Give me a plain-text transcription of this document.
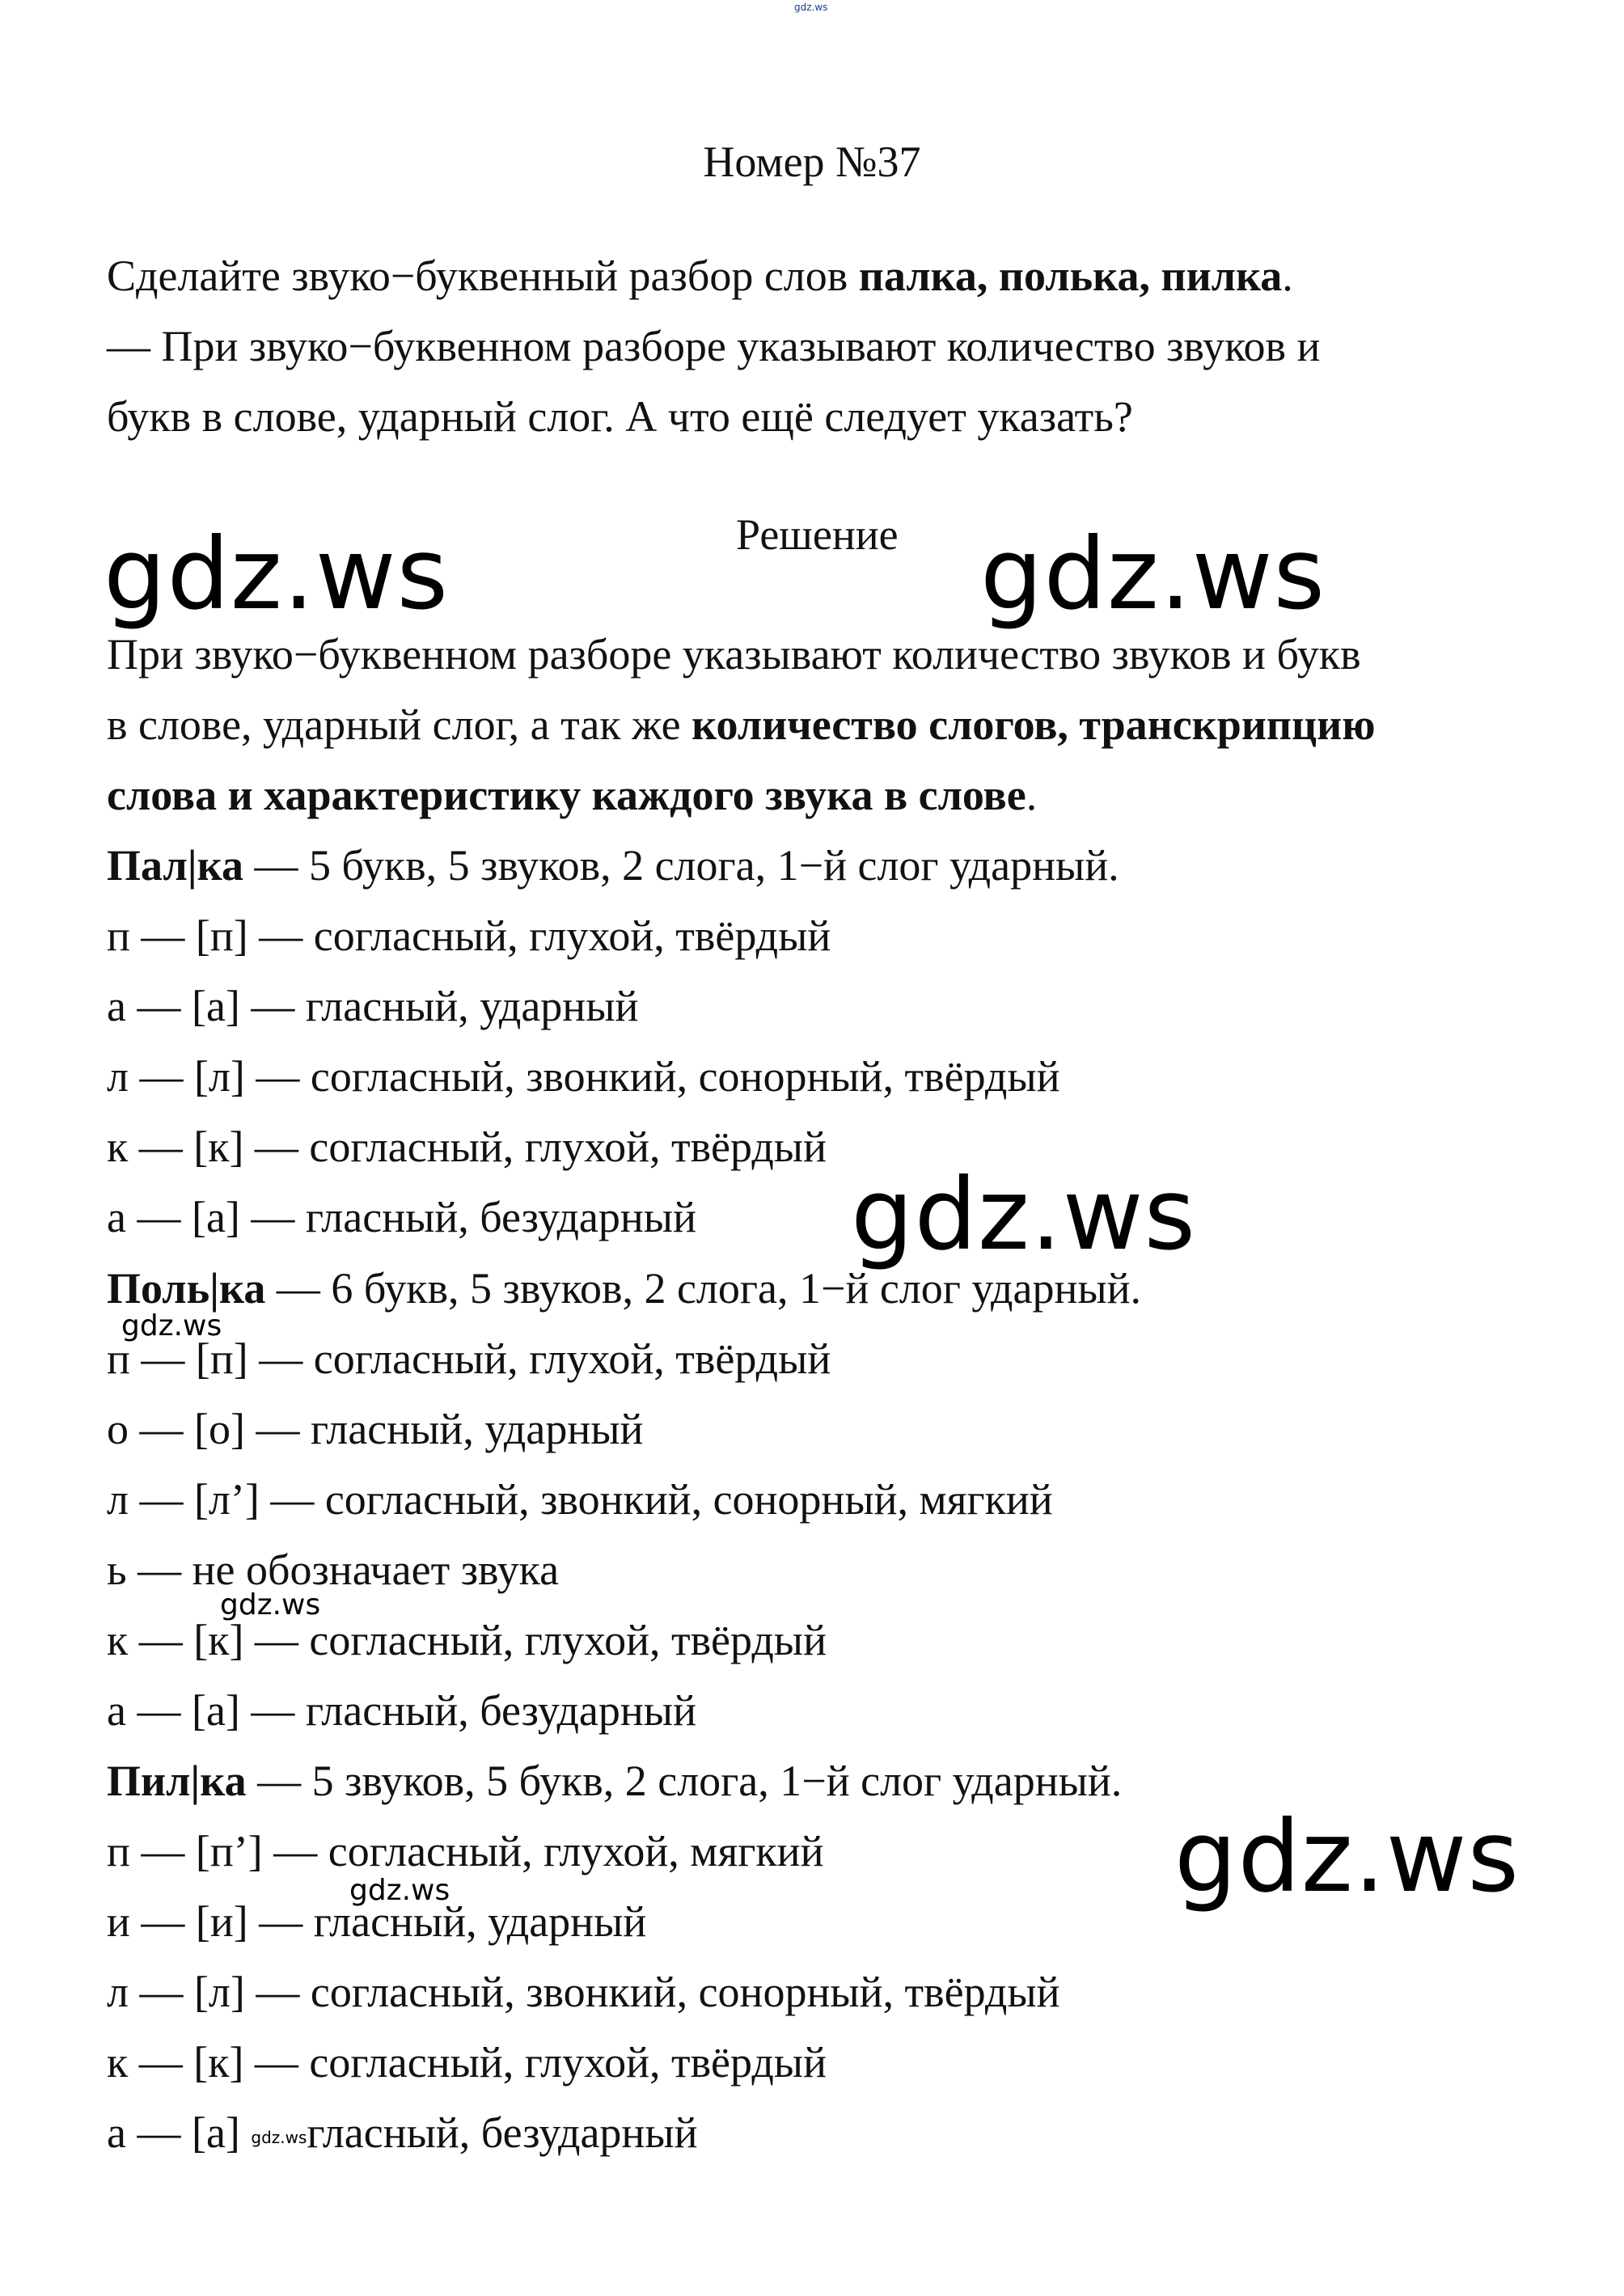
gdz.ws
Номер №37
Сделайте звуко−буквенный разбор слов палка, полька, пилка.
— При звуко−буквенном разборе указывают количество звуков и
букв в слове, ударный слог. А что ещё следует указать?
Решение
При звуко−буквенном разборе указывают количество звуков и букв
в слове, ударный слог, а так же количество слогов, транскрипцию
слова и характеристику каждого звука в слове.
Пал|ка — 5 букв, 5 звуков, 2 слога, 1−й слог ударный.
п — [п] — согласный, глухой, твёрдый
а — [а] — гласный, ударный
л — [л] — согласный, звонкий, сонорный, твёрдый
к — [к] — согласный, глухой, твёрдый
а — [а] — гласный, безударный
Поль|ка — 6 букв, 5 звуков, 2 слога, 1−й слог ударный.
п — [п] — согласный, глухой, твёрдый
о — [о] — гласный, ударный
л — [л’] — согласный, звонкий, сонорный, мягкий
ь — не обозначает звука
к — [к] — согласный, глухой, твёрдый
а — [а] — гласный, безударный
Пил|ка — 5 звуков, 5 букв, 2 слога, 1−й слог ударный.
п — [п’] — согласный, глухой, мягкий
и — [и] — гласный, ударный
л — [л] — согласный, звонкий, сонорный, твёрдый
к — [к] — согласный, глухой, твёрдый
а — [а] gdz.wsгласный, безударный
gdz.ws	gdz.ws
gdz.ws
gdz.ws
gdz.ws
gdz.ws
gdz.ws
